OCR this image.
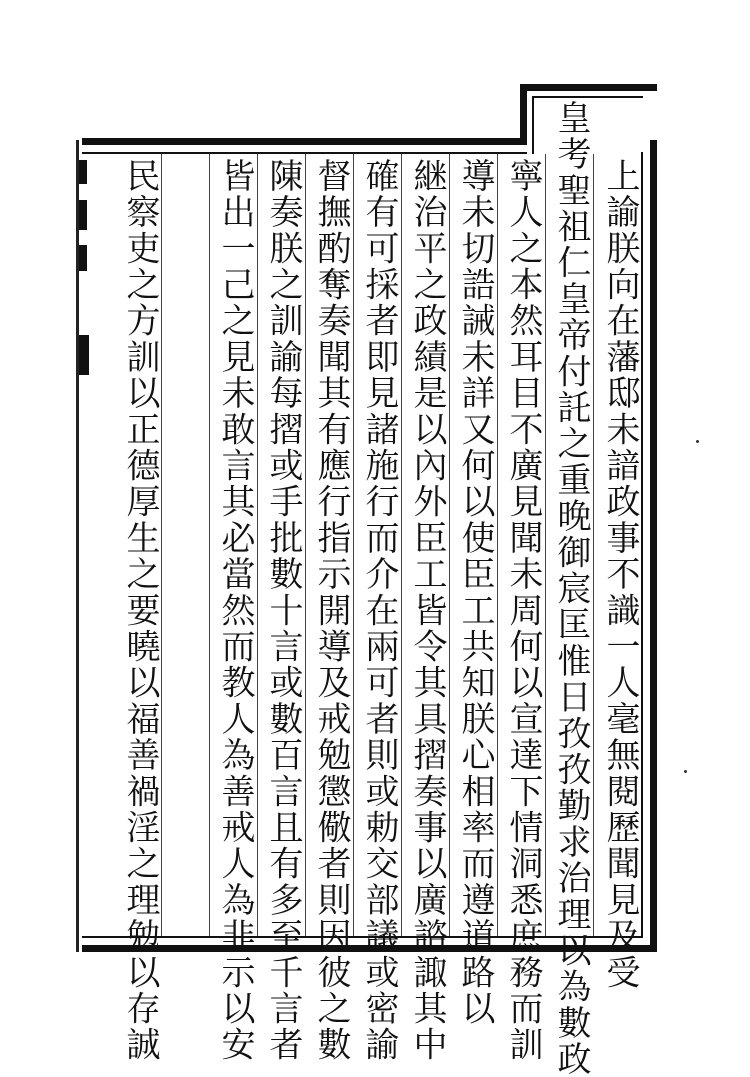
皇考聖祖仁皇帝付託之重晚御宸匡惟日孜孜勤求治理以為數政 上諭朕向在藩邸未諳政事不識一人毫無閱歷聞見及受
寧人之本然耳目不廣見聞未周何以宣達下情洞悉庶務而訓
導未切誥誡未詳又何以使臣工共知朕心相率而遵道路以
継治平之政績是以內外臣工皆令其具摺奏事以廣諮諏其中
確有可採者即見諸施行而介在兩可者則或勅交部議或密諭
督撫酌奪奏聞其有應行指示開導及戒勉懲儆者則因彼之數
陳奏朕之訓諭每摺或手批數十言或數百言且有多至千言者
皆出一己之見未敢言其必當然而教人為善戒人為非示以安
民察吏之方訓以正德厚生之要曉以福善禍淫之理勉以存誠
